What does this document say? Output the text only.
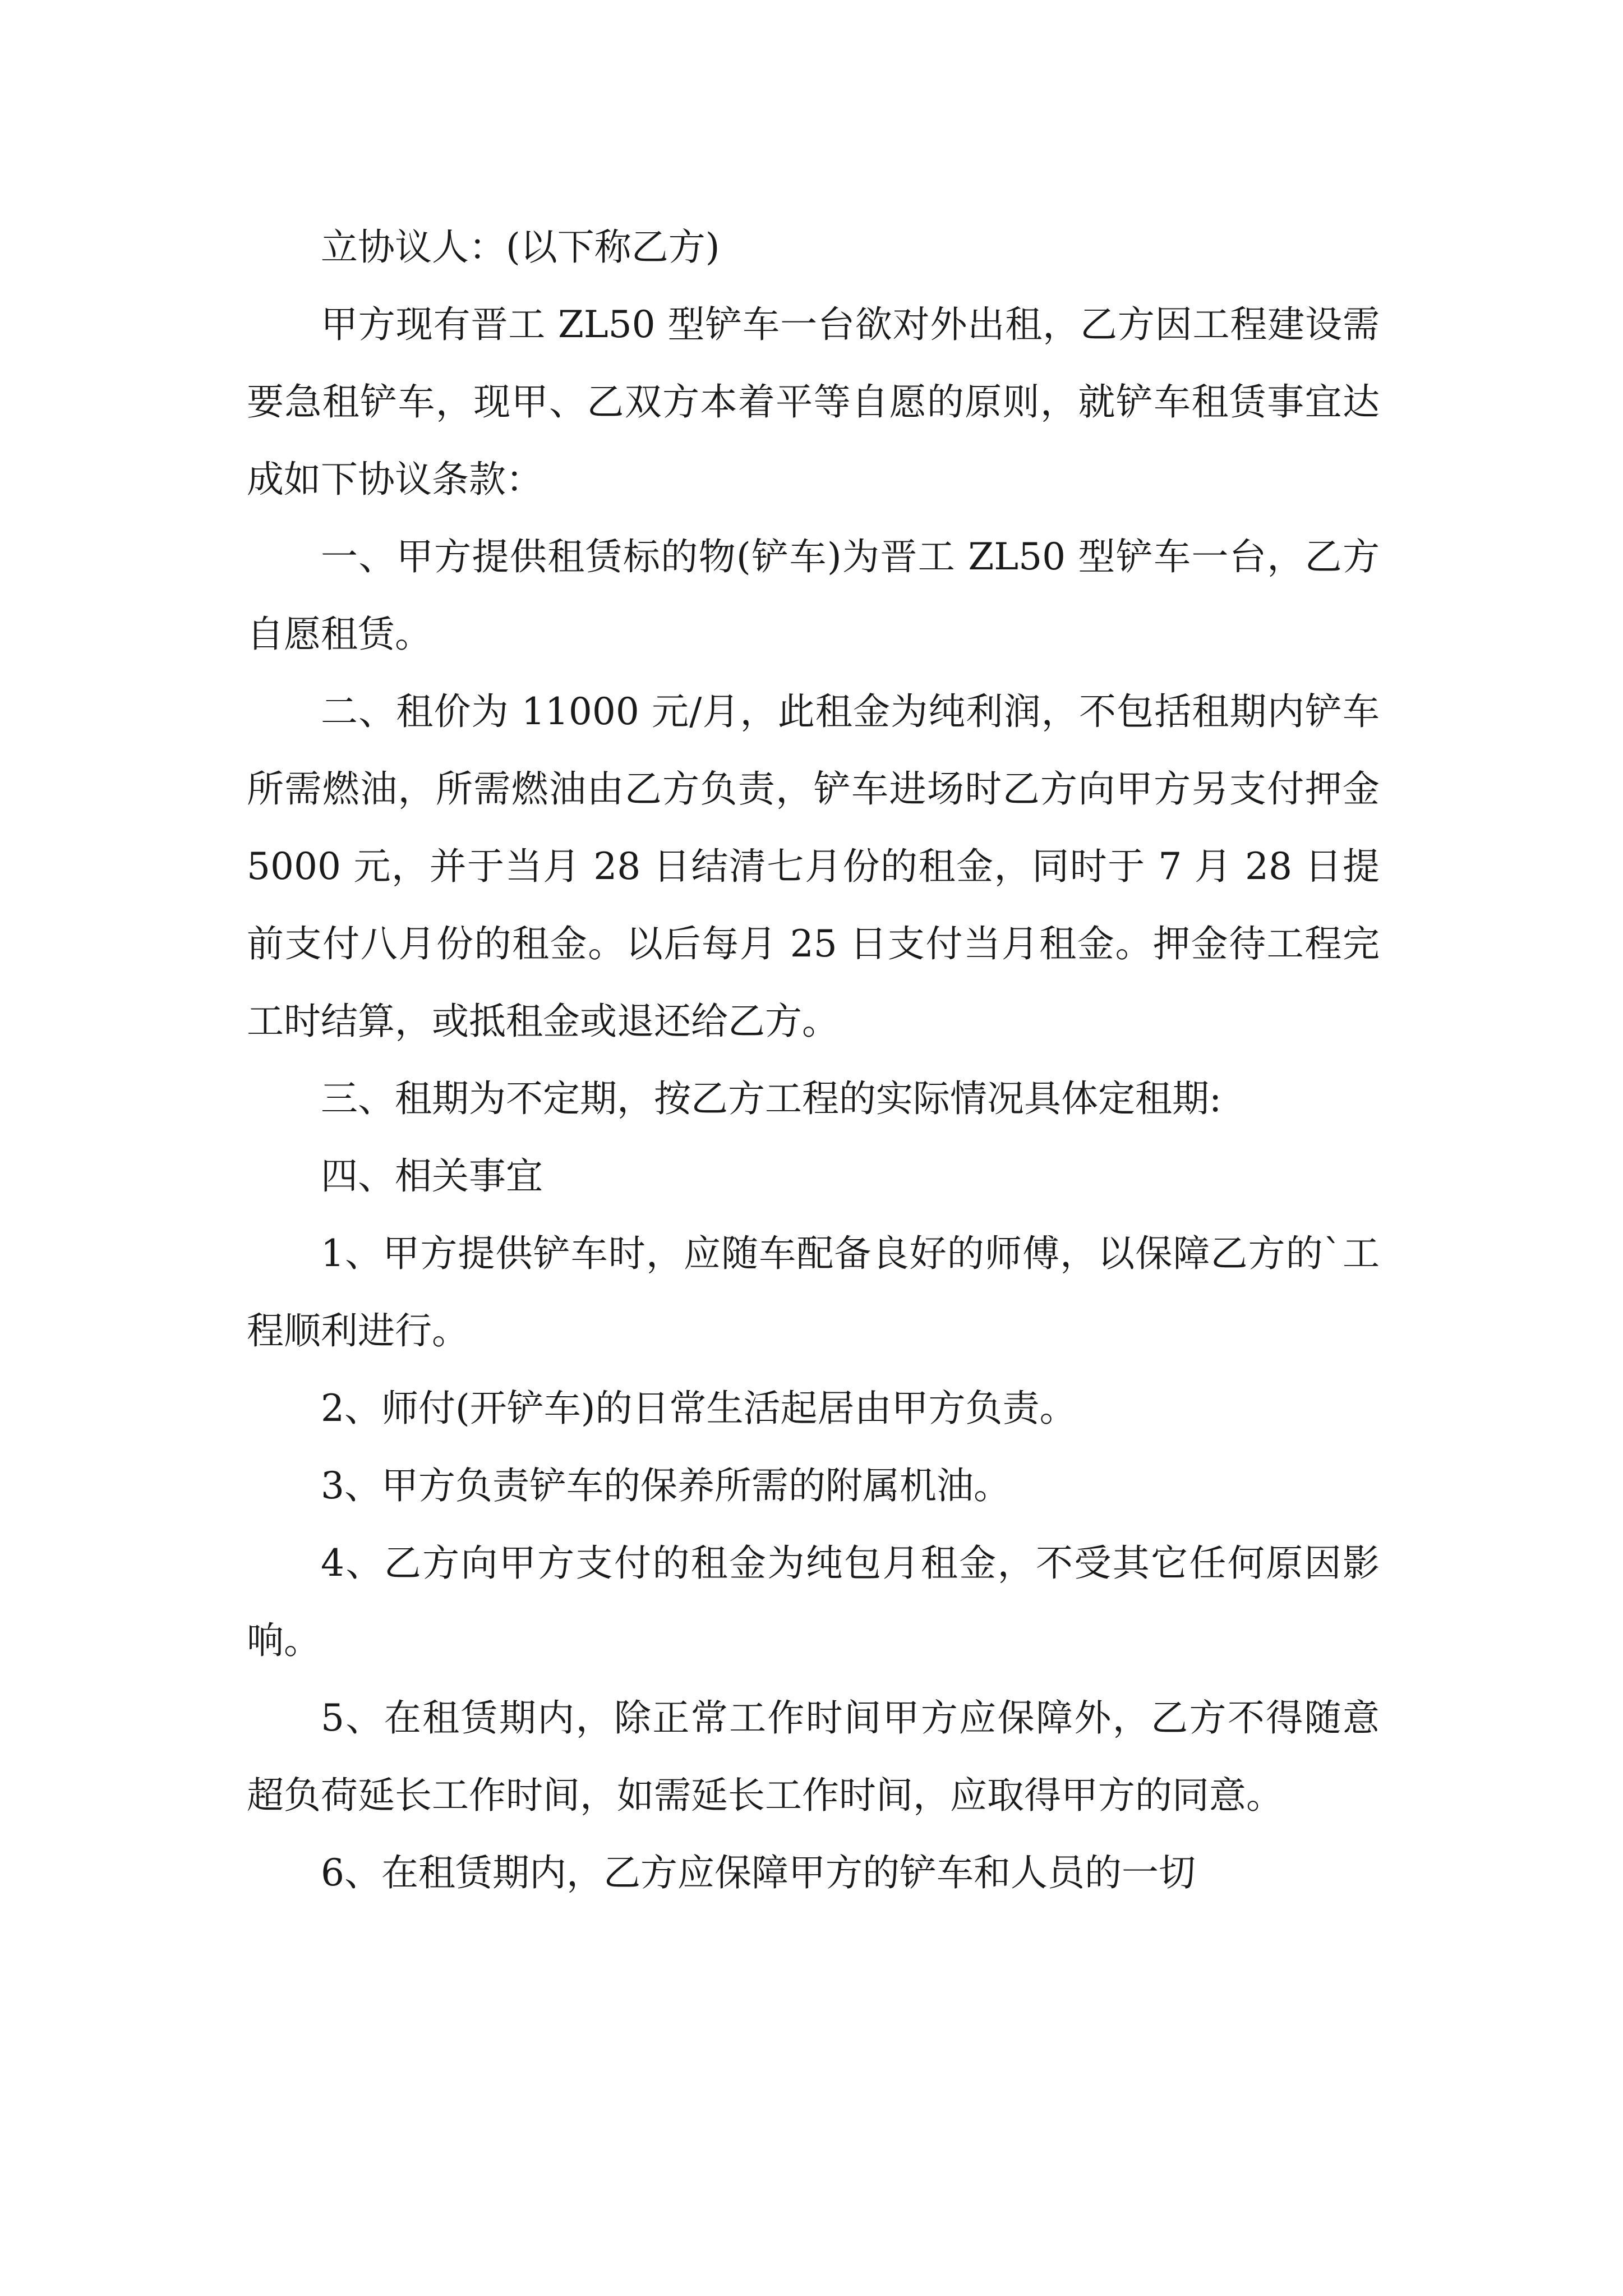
立协议人：(以下称乙方)

甲方现有晋工 ZL50 型铲车一台欲对外出租，乙方因工程建设需要急租铲车，现甲、乙双方本着平等自愿的原则，就铲车租赁事宜达成如下协议条款：

一、甲方提供租赁标的物(铲车)为晋工 ZL50 型铲车一台，乙方自愿租赁。

二、租价为 11000 元/月，此租金为纯利润，不包括租期内铲车所需燃油，所需燃油由乙方负责，铲车进场时乙方向甲方另支付押金 5000 元，并于当月 28 日结清七月份的租金，同时于 7 月 28 日提前支付八月份的租金。以后每月 25 日支付当月租金。押金待工程完工时结算，或抵租金或退还给乙方。

三、租期为不定期，按乙方工程的实际情况具体定租期:

四、相关事宜

1、甲方提供铲车时，应随车配备良好的师傅，以保障乙方的`工程顺利进行。

2、师付(开铲车)的日常生活起居由甲方负责。

3、甲方负责铲车的保养所需的附属机油。

4、乙方向甲方支付的租金为纯包月租金，不受其它任何原因影响。

5、在租赁期内，除正常工作时间甲方应保障外，乙方不得随意超负荷延长工作时间，如需延长工作时间，应取得甲方的同意。

6、在租赁期内，乙方应保障甲方的铲车和人员的一切
